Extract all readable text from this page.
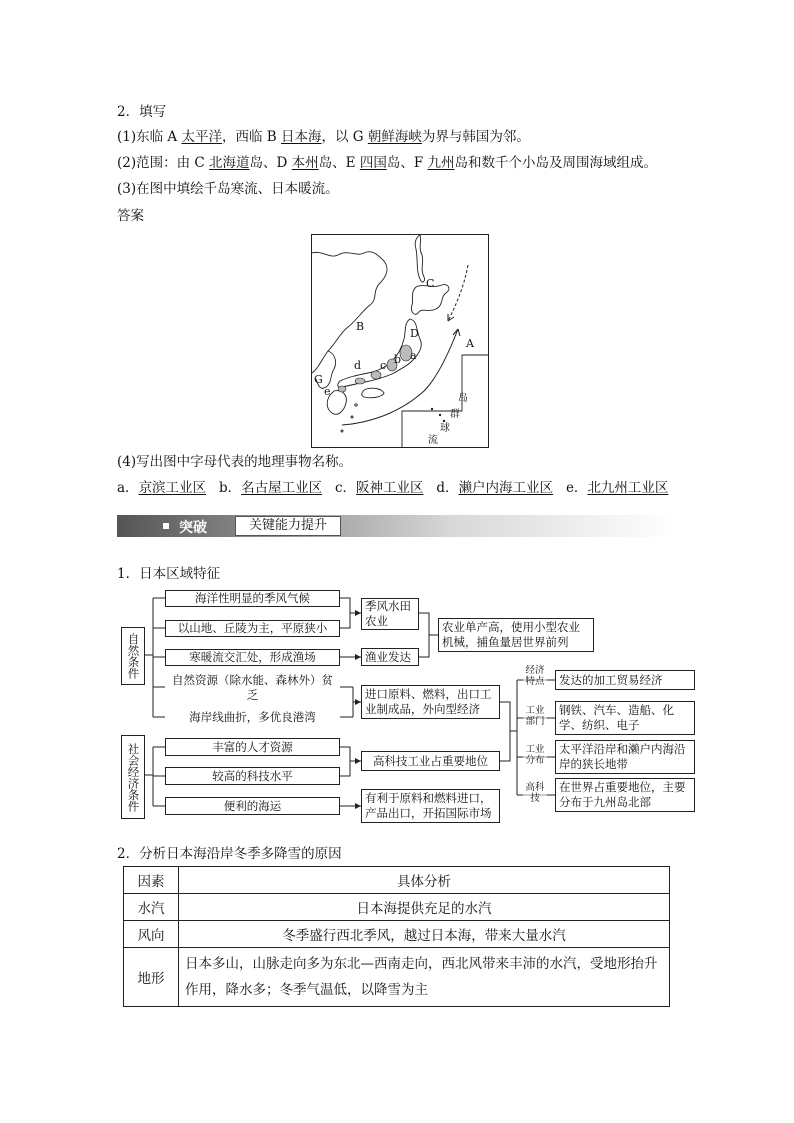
2．填写
(1)东临 A 太平洋，西临 B 日本海，以 G 朝鲜海峡为界与韩国为邻。
(2)范围：由 C 北海道岛、D 本州岛、E 四国岛、F 九州岛和数千个小岛及周围海域组成。
(3)在图中填绘千岛寒流、日本暖流。
答案
A
B
C
D
G
a
b
c
d
e
流
球
群
岛
(4)写出图中字母代表的地理事物名称。
a．京滨工业区 b．名古屋工业区 c．阪神工业区 d．濑户内海工业区 e．北九州工业区
突破	关键能力提升
1．日本区域特征
自然条件
社会经济条件
海洋性明显的季风气候
以山地、丘陵为主，平原狭小
寒暖流交汇处，形成渔场
自然资源（除水能、森林外）贫乏
海岸线曲折，多优良港湾
丰富的人才资源
较高的科技水平
便利的海运
季风水田农业
渔业发达
进口原料、燃料，出口工业制成品，外向型经济
高科技工业占重要地位
有利于原料和燃料进口，产品出口，开拓国际市场
农业单产高，使用小型农业机械，捕鱼量居世界前列
经济特点
工业部门
工业分布
高科技
发达的加工贸易经济
钢铁、汽车、造船、化学、纺织、电子
太平洋沿岸和濑户内海沿岸的狭长地带
在世界占重要地位，主要分布于九州岛北部
2．分析日本海沿岸冬季多降雪的原因
因素	具体分析
水汽	日本海提供充足的水汽
风向	冬季盛行西北季风，越过日本海，带来大量水汽
地形	日本多山，山脉走向多为东北—西南走向，西北风带来丰沛的水汽，受地形抬升作用，降水多；冬季气温低，以降雪为主
